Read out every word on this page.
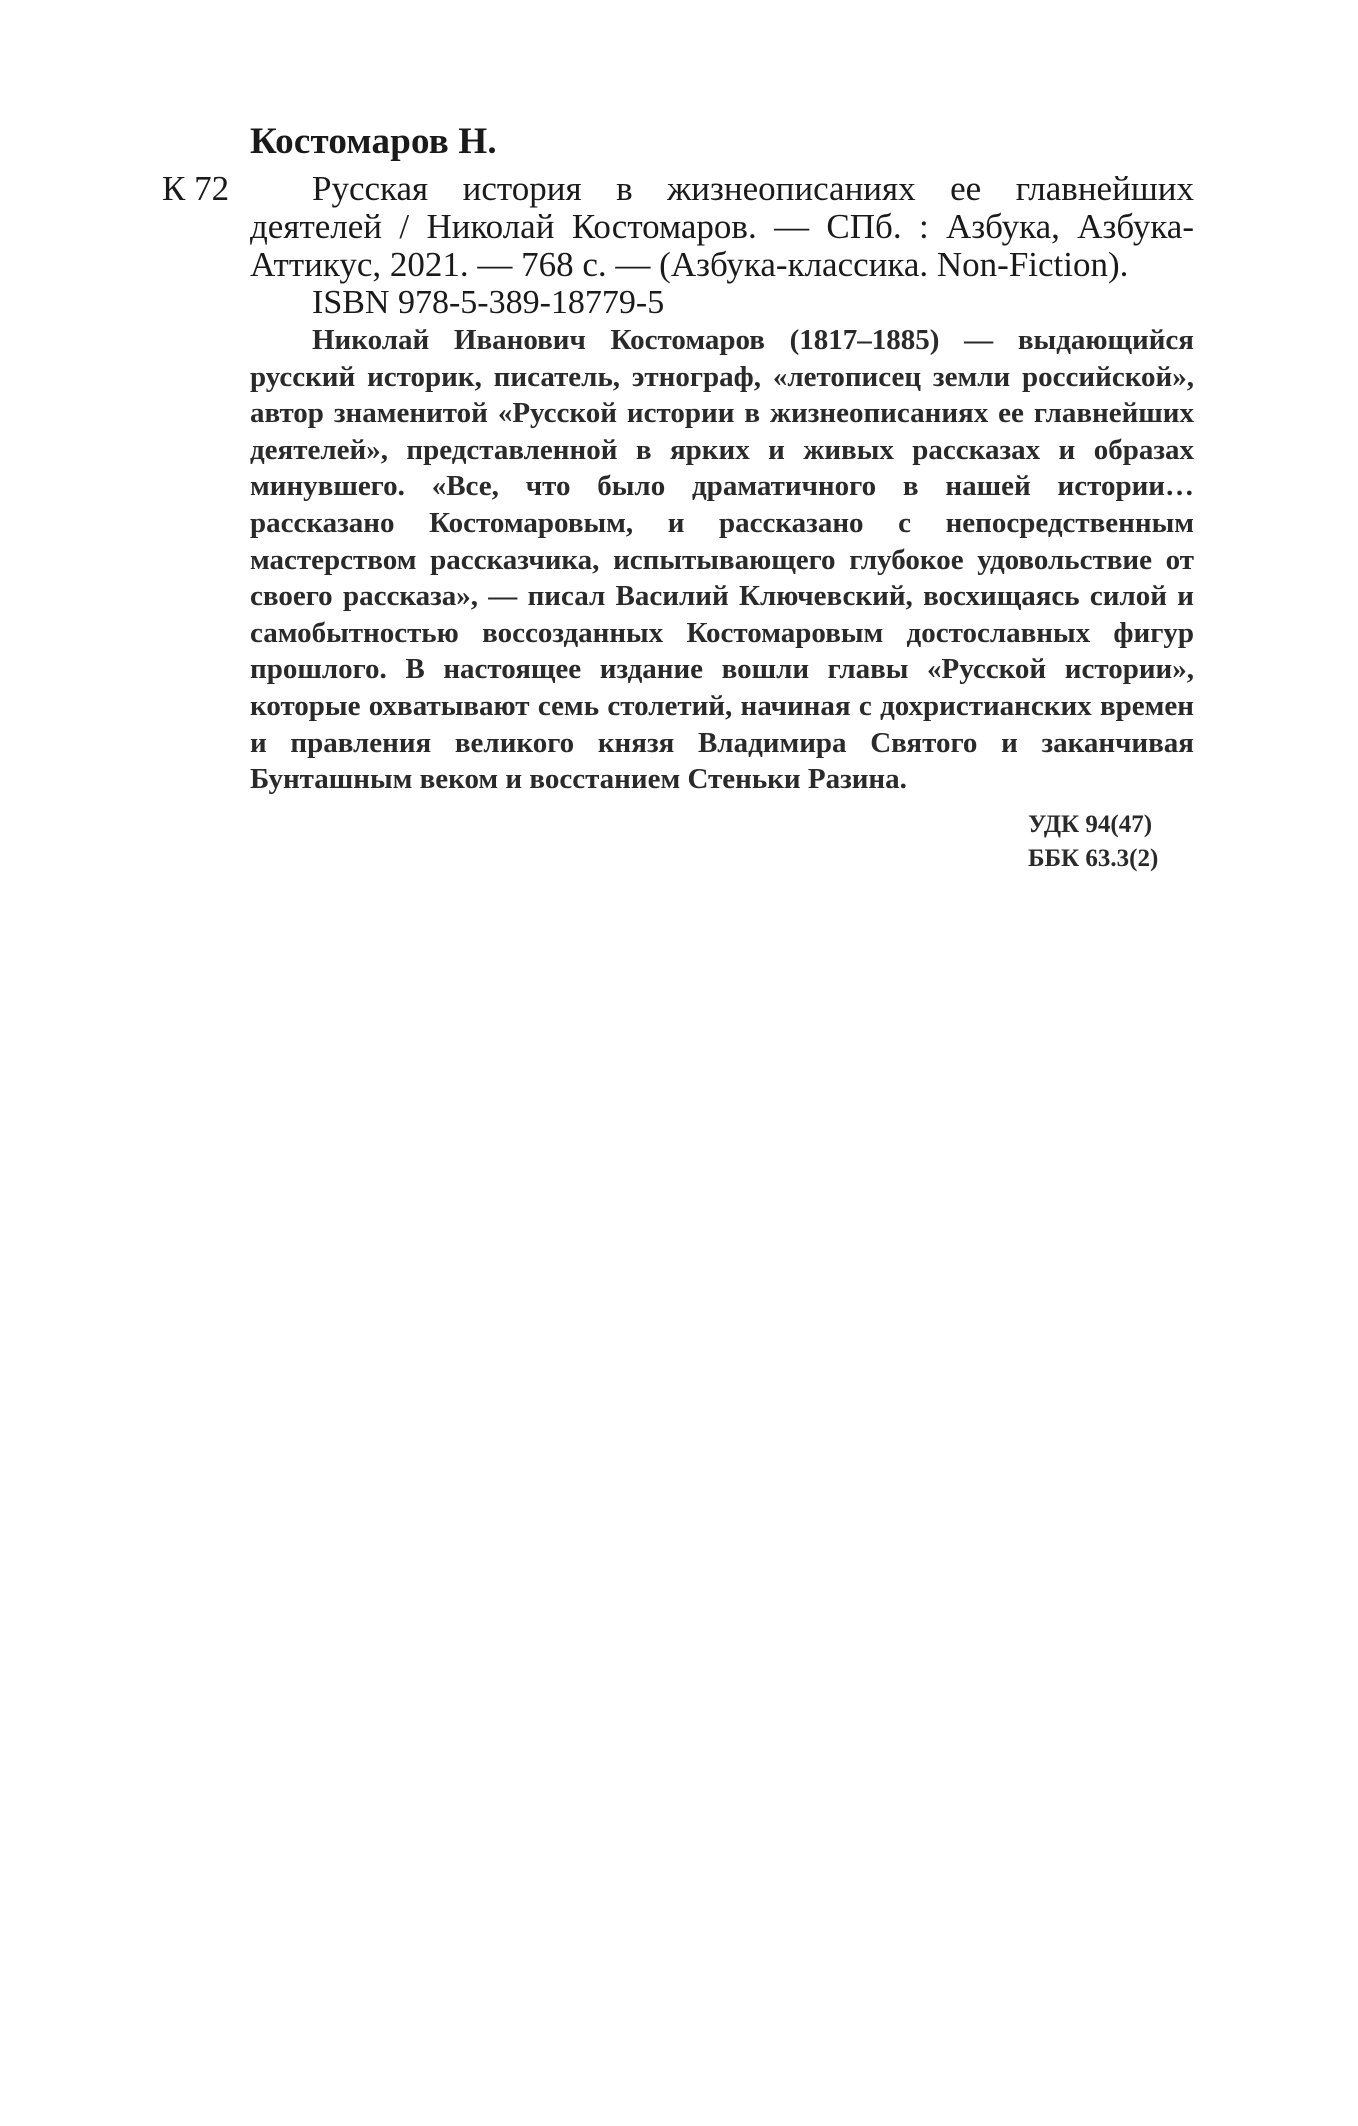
Костомаров Н.

К 72	Русская история в жизнеописаниях ее главнейших деятелей / Николай Костомаров. — СПб. : Азбука, Азбука-Аттикус, 2021. — 768 с. — (Азбука-классика. Non-Fiction).

ISBN 978-5-389-18779-5

Николай Иванович Костомаров (1817–1885) — выдающийся русский историк, писатель, этнограф, «летописец земли российской», автор знаменитой «Русской истории в жизнеописаниях ее главнейших деятелей», представленной в ярких и живых рассказах и образах минувшего. «Все, что было драматичного в нашей истории… рассказано Костомаровым, и рассказано с непосредственным мастерством рассказчика, испытывающего глубокое удовольствие от своего рассказа», — писал Василий Ключевский, восхищаясь силой и самобытностью воссозданных Костомаровым достославных фигур прошлого. В настоящее издание вошли главы «Русской истории», которые охватывают семь столетий, начиная с дохристианских времен и правления великого князя Владимира Святого и заканчивая Бунташным веком и восстанием Стеньки Разина.

УДК 94(47)
ББК 63.3(2)
